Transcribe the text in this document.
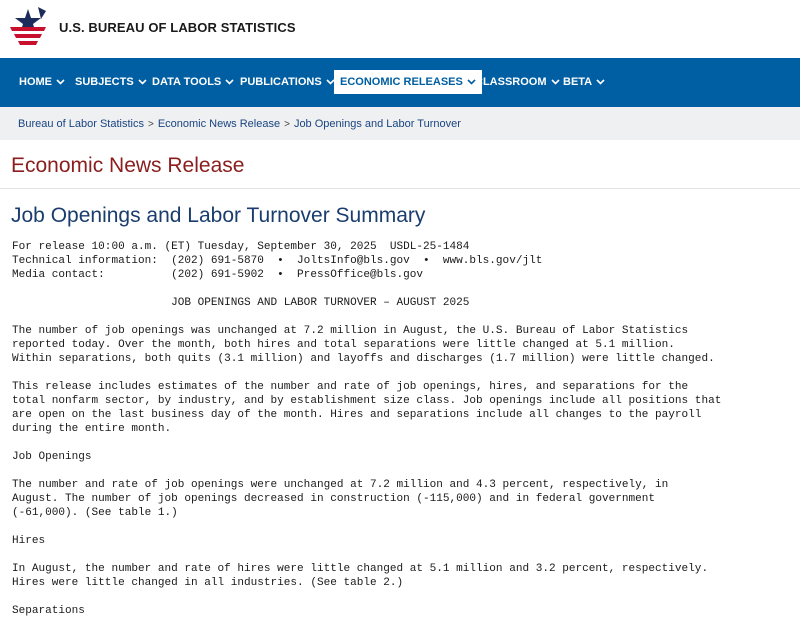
U.S. BUREAU OF LABOR STATISTICS
HOME	SUBJECTS	DATA TOOLS	PUBLICATIONS	ECONOMIC RELEASES	CLASSROOM	BETA
Bureau of Labor Statistics > Economic News Release > Job Openings and Labor Turnover
Economic News Release
Job Openings and Labor Turnover Summary
For release 10:00 a.m. (ET) Tuesday, September 30, 2025  USDL-25-1484
Technical information:  (202) 691-5870  •  JoltsInfo@bls.gov  •  www.bls.gov/jlt
Media contact:          (202) 691-5902  •  PressOffice@bls.gov

JOB OPENINGS AND LABOR TURNOVER – AUGUST 2025

The number of job openings was unchanged at 7.2 million in August, the U.S. Bureau of Labor Statistics
reported today. Over the month, both hires and total separations were little changed at 5.1 million.
Within separations, both quits (3.1 million) and layoffs and discharges (1.7 million) were little changed.

This release includes estimates of the number and rate of job openings, hires, and separations for the
total nonfarm sector, by industry, and by establishment size class. Job openings include all positions that
are open on the last business day of the month. Hires and separations include all changes to the payroll
during the entire month.

Job Openings

The number and rate of job openings were unchanged at 7.2 million and 4.3 percent, respectively, in
August. The number of job openings decreased in construction (-115,000) and in federal government
(-61,000). (See table 1.)

Hires

In August, the number and rate of hires were little changed at 5.1 million and 3.2 percent, respectively.
Hires were little changed in all industries. (See table 2.)

Separations
